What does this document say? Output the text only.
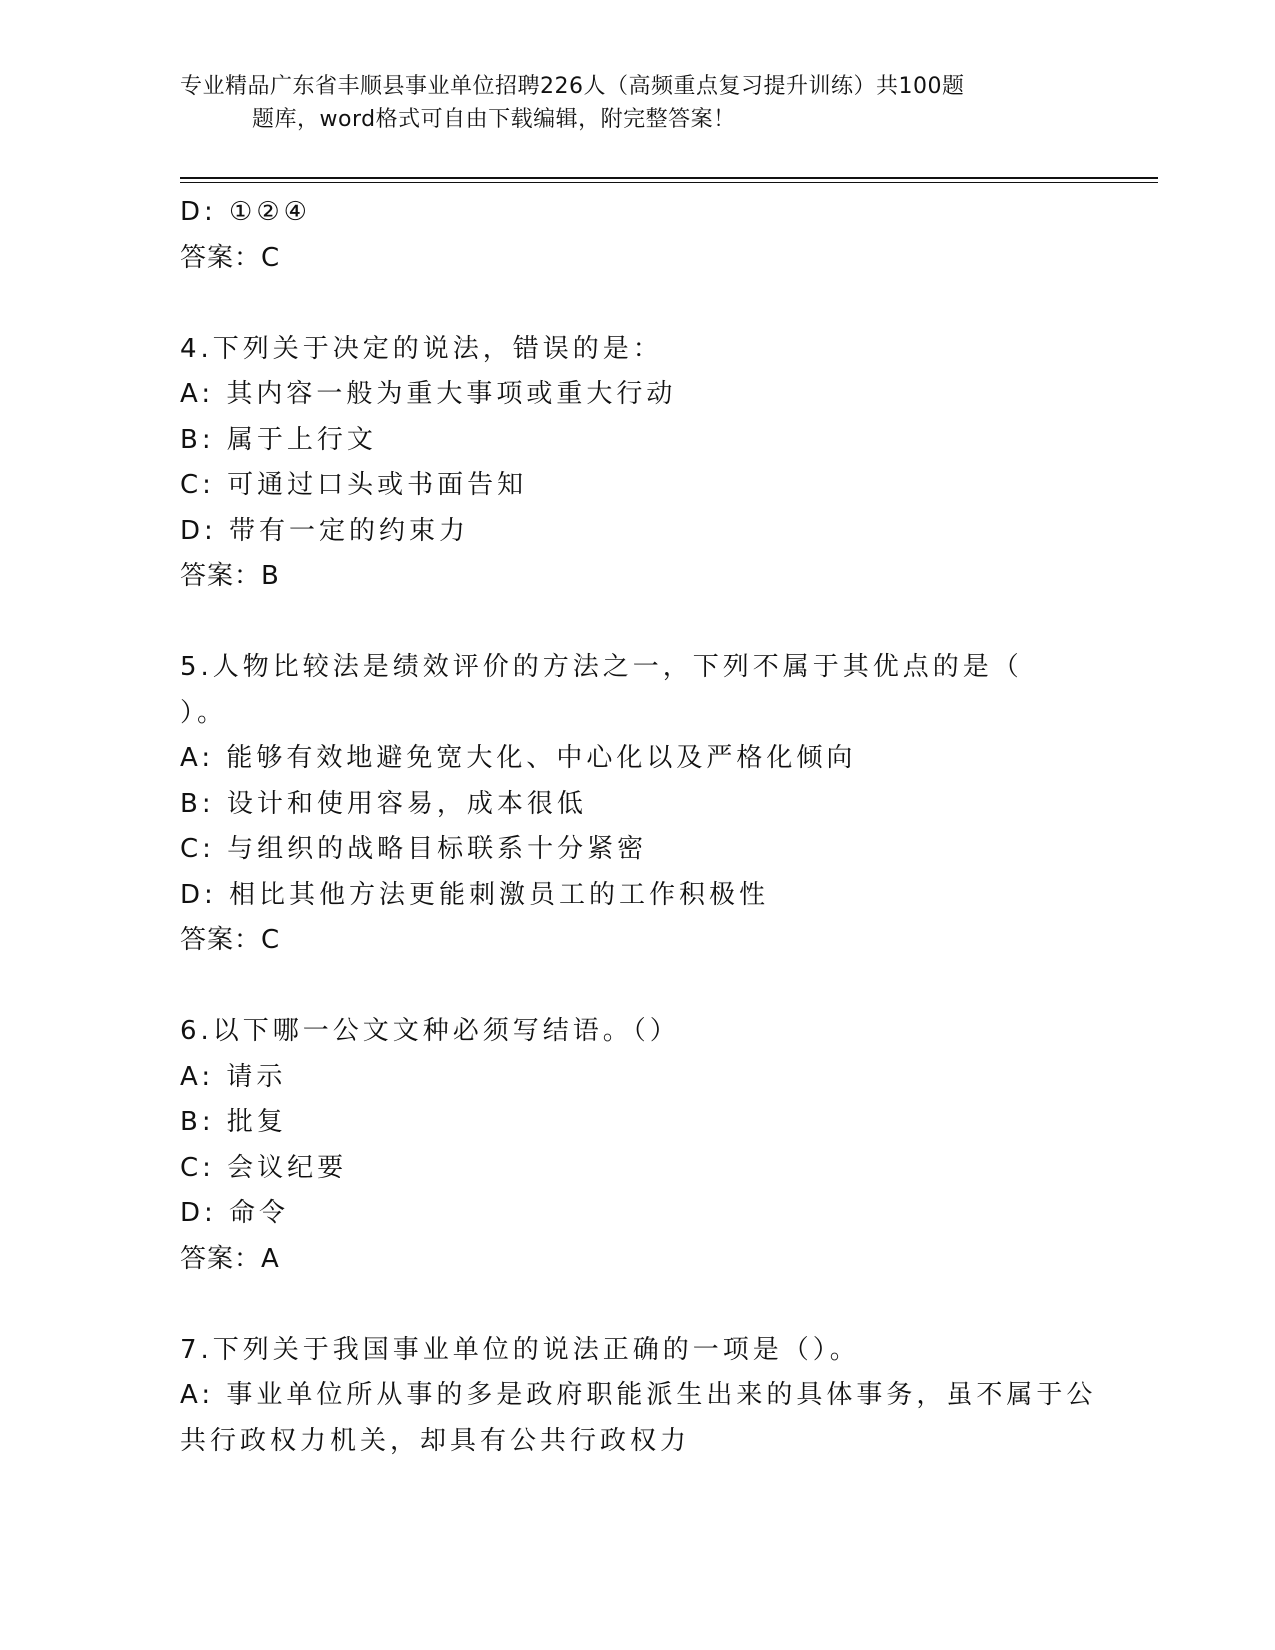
专业精品广东省丰顺县事业单位招聘226人（高频重点复习提升训练）共100题
题库，word格式可自由下载编辑，附完整答案！
D: ①②④
答案：C
4.下列关于决定的说法，错误的是：
A: 其内容一般为重大事项或重大行动
B: 属于上行文
C: 可通过口头或书面告知
D: 带有一定的约束力
答案：B
5.人物比较法是绩效评价的方法之一，下列不属于其优点的是（
）。
A: 能够有效地避免宽大化、中心化以及严格化倾向
B: 设计和使用容易，成本很低
C: 与组织的战略目标联系十分紧密
D: 相比其他方法更能刺激员工的工作积极性
答案：C
6.以下哪一公文文种必须写结语。（）
A: 请示
B: 批复
C: 会议纪要
D: 命令
答案：A
7.下列关于我国事业单位的说法正确的一项是（）。
A: 事业单位所从事的多是政府职能派生出来的具体事务，虽不属于公
共行政权力机关，却具有公共行政权力
